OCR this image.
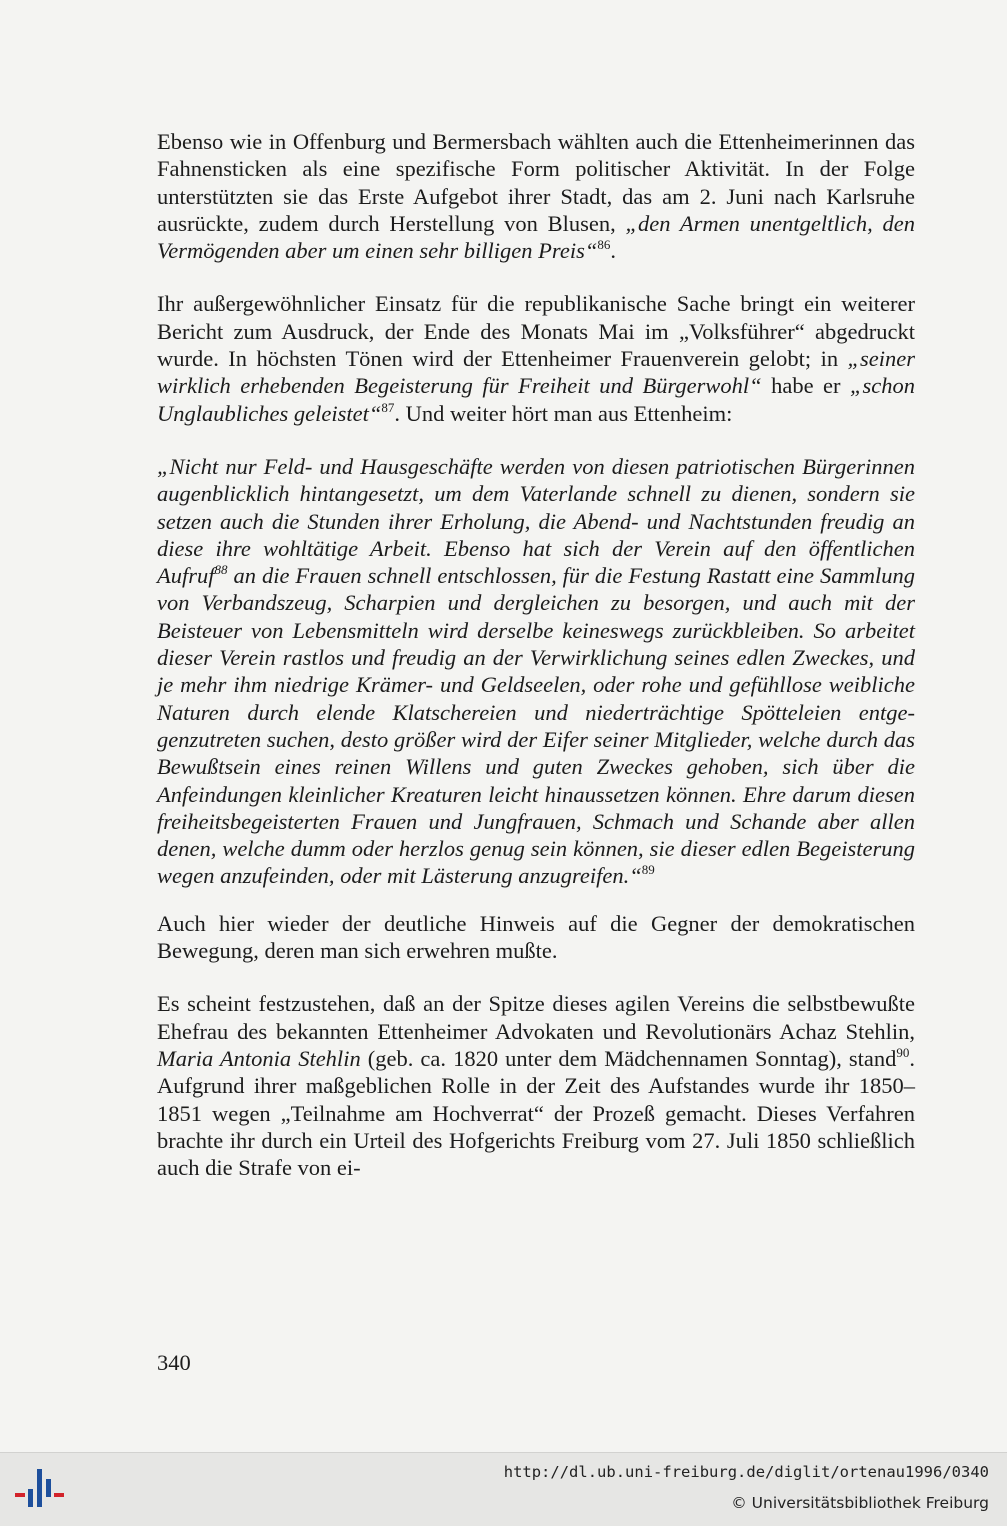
Ebenso wie in Offenburg und Bermersbach wählten auch die Ettenheimerinnen das Fahnensticken als eine spezifische Form politischer Aktivität. In der Folge unterstützten sie das Erste Aufgebot ihrer Stadt, das am 2. Juni nach Karlsruhe ausrückte, zudem durch Herstellung von Blusen, „den Armen unentgeltlich, den Vermögenden aber um einen sehr billigen Preis“$^{86}$.

Ihr außergewöhnlicher Einsatz für die republikanische Sache bringt ein weiterer Bericht zum Ausdruck, der Ende des Monats Mai im „Volksführer“ abgedruckt wurde. In höchsten Tönen wird der Ettenheimer Frauenverein gelobt; in „seiner wirklich erhebenden Begeisterung für Freiheit und Bürgerwohl“ habe er „schon Unglaubliches geleistet“$^{87}$. Und weiter hört man aus Ettenheim:

„Nicht nur Feld- und Hausgeschäfte werden von diesen patriotischen Bürgerinnen augenblicklich hintangesetzt, um dem Vaterlande schnell zu dienen, sondern sie setzen auch die Stunden ihrer Erholung, die Abend- und Nachtstunden freudig an diese ihre wohltätige Arbeit. Ebenso hat sich der Verein auf den öffentlichen Aufruf$^{88}$ an die Frauen schnell entschlossen, für die Festung Rastatt eine Sammlung von Verbandszeug, Scharpien und dergleichen zu besorgen, und auch mit der Beisteuer von Lebensmitteln wird derselbe keineswegs zurückbleiben. So arbeitet dieser Verein rastlos und freudig an der Verwirklichung seines edlen Zweckes, und je mehr ihm niedrige Krämer- und Geldseelen, oder rohe und gefühllose weibliche Naturen durch elende Klatschereien und niederträchtige Spötteleien entgegenzutreten suchen, desto größer wird der Eifer seiner Mitglieder, welche durch das Bewußtsein eines reinen Willens und guten Zweckes gehoben, sich über die Anfeindungen kleinlicher Kreaturen leicht hinaussetzen können. Ehre darum diesen freiheitsbegeisterten Frauen und Jungfrauen, Schmach und Schande aber allen denen, welche dumm oder herzlos genug sein können, sie dieser edlen Begeisterung wegen anzufeinden, oder mit Lästerung anzugreifen.“$^{89}$

Auch hier wieder der deutliche Hinweis auf die Gegner der demokratischen Bewegung, deren man sich erwehren mußte.

Es scheint festzustehen, daß an der Spitze dieses agilen Vereins die selbstbewußte Ehefrau des bekannten Ettenheimer Advokaten und Revolutionärs Achaz Stehlin, Maria Antonia Stehlin (geb. ca. 1820 unter dem Mädchennamen Sonntag), stand$^{90}$. Aufgrund ihrer maßgeblichen Rolle in der Zeit des Aufstandes wurde ihr 1850–1851 wegen „Teilnahme am Hochverrat“ der Prozeß gemacht. Dieses Verfahren brachte ihr durch ein Urteil des Hofgerichts Freiburg vom 27. Juli 1850 schließlich auch die Strafe von ei-

340
http://dl.ub.uni-freiburg.de/diglit/ortenau1996/0340
© Universitätsbibliothek Freiburg
